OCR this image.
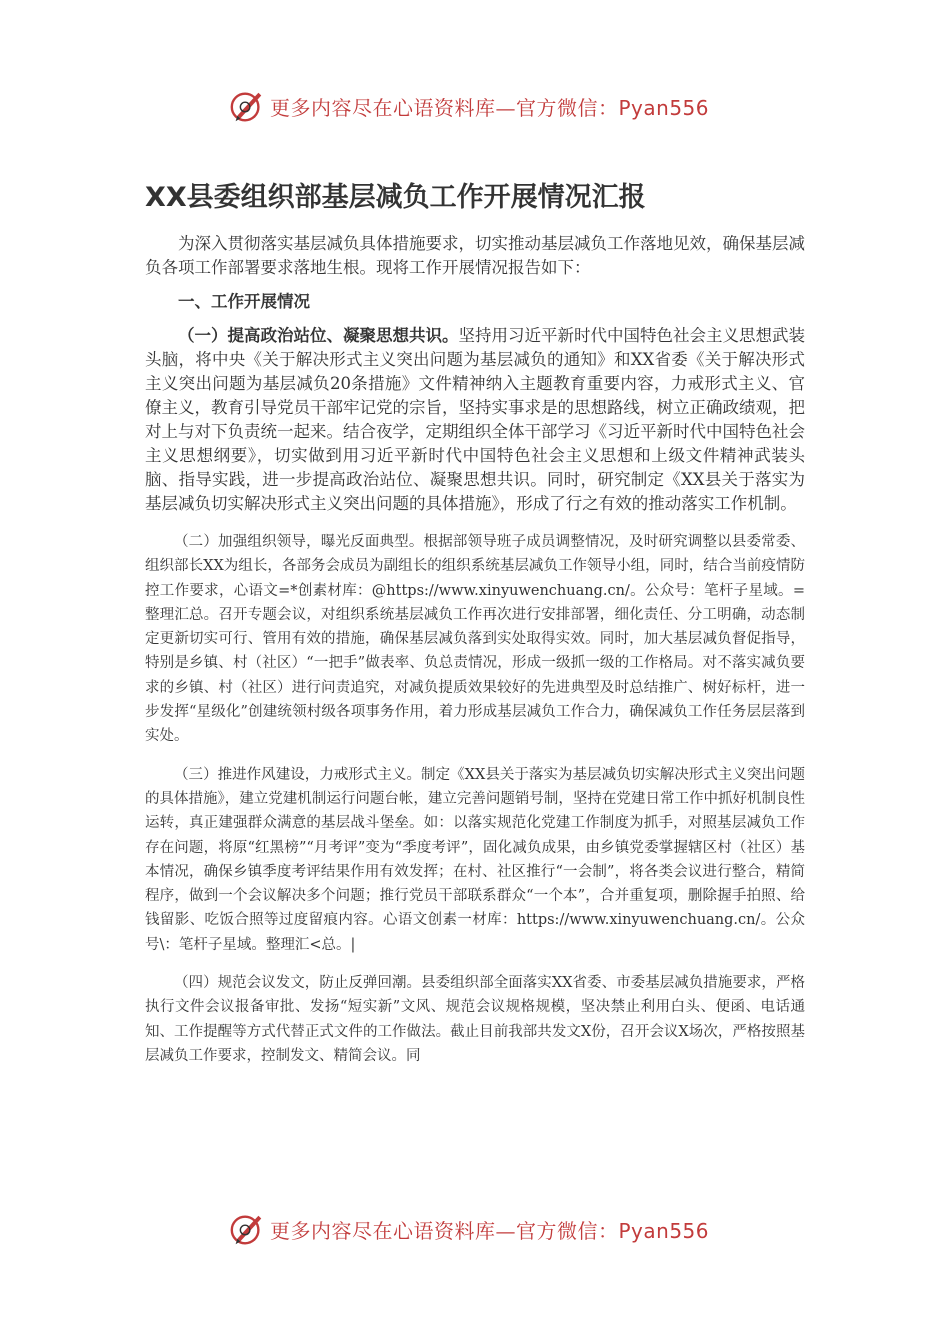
更多内容尽在心语资料库—官方微信：Pyan556
XX县委组织部基层减负工作开展情况汇报

为深入贯彻落实基层减负具体措施要求，切实推动基层减负工作落地见效，确保基层减负各项工作部署要求落地生根。现将工作开展情况报告如下：

一、工作开展情况

（一）提高政治站位、凝聚思想共识。坚持用习近平新时代中国特色社会主义思想武装头脑，将中央《关于解决形式主义突出问题为基层减负的通知》和XX省委《关于解决形式主义突出问题为基层减负20条措施》文件精神纳入主题教育重要内容，力戒形式主义、官僚主义，教育引导党员干部牢记党的宗旨，坚持实事求是的思想路线，树立正确政绩观，把对上与对下负责统一起来。结合夜学，定期组织全体干部学习《习近平新时代中国特色社会主义思想纲要》，切实做到用习近平新时代中国特色社会主义思想和上级文件精神武装头脑、指导实践，进一步提高政治站位、凝聚思想共识。同时，研究制定《XX县关于落实为基层减负切实解决形式主义突出问题的具体措施》，形成了行之有效的推动落实工作机制。

（二）加强组织领导，曝光反面典型。根据部领导班子成员调整情况，及时研究调整以县委常委、组织部长XX为组长，各部务会成员为副组长的组织系统基层减负工作领导小组，同时，结合当前疫情防控工作要求，心语文=*创素材库：@https://www.xinyuwenchuang.cn/。公众号：笔杆子星域。=整理汇总。召开专题会议，对组织系统基层减负工作再次进行安排部署，细化责任、分工明确，动态制定更新切实可行、管用有效的措施，确保基层减负落到实处取得实效。同时，加大基层减负督促指导，特别是乡镇、村（社区）“一把手”做表率、负总责情况，形成一级抓一级的工作格局。对不落实减负要求的乡镇、村（社区）进行问责追究，对减负提质效果较好的先进典型及时总结推广、树好标杆，进一步发挥“星级化”创建统领村级各项事务作用，着力形成基层减负工作合力，确保减负工作任务层层落到实处。

（三）推进作风建设，力戒形式主义。制定《XX县关于落实为基层减负切实解决形式主义突出问题的具体措施》，建立党建机制运行问题台帐，建立完善问题销号制，坚持在党建日常工作中抓好机制良性运转，真正建强群众满意的基层战斗堡垒。如：以落实规范化党建工作制度为抓手，对照基层减负工作存在问题，将原“红黑榜”“月考评”变为“季度考评”，固化减负成果，由乡镇党委掌握辖区村（社区）基本情况，确保乡镇季度考评结果作用有效发挥；在村、社区推行“一会制”，将各类会议进行整合，精简程序，做到一个会议解决多个问题；推行党员干部联系群众“一个本”，合并重复项，删除握手拍照、给钱留影、吃饭合照等过度留痕内容。心语文创素一材库：https://www.xinyuwenchuang.cn/。公众号\：笔杆子星域。整理汇<总。|

（四）规范会议发文，防止反弹回潮。县委组织部全面落实XX省委、市委基层减负措施要求，严格执行文件会议报备审批、发扬“短实新”文风、规范会议规格规模，坚决禁止利用白头、便函、电话通知、工作提醒等方式代替正式文件的工作做法。截止目前我部共发文X份，召开会议X场次，严格按照基层减负工作要求，控制发文、精简会议。同

更多内容尽在心语资料库—官方微信：Pyan556
